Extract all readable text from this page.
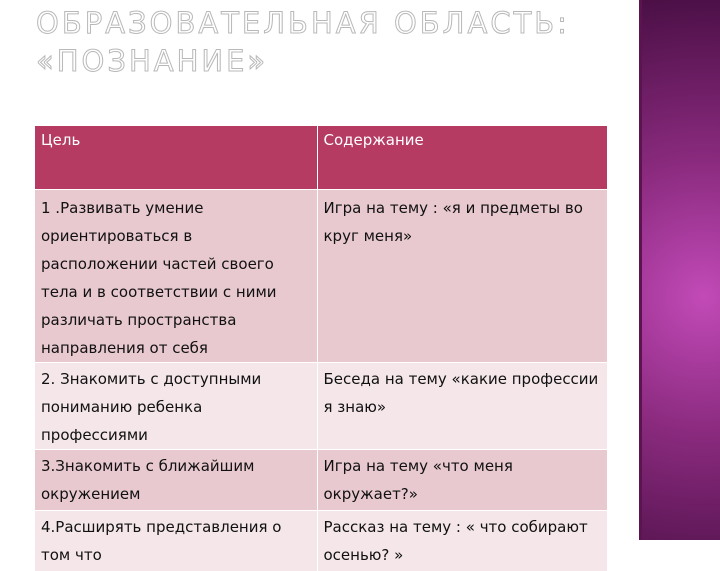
ОБРАЗОВАТЕЛЬНАЯ ОБЛАСТЬ:
«ПОЗНАНИЕ»
Цель	Содержание
1 .Развивать умение ориентироваться в расположении частей своего тела и в соответствии с ними различать пространства направления от себя	Игра на тему : «я и предметы во круг меня»
2. Знакомить с доступными пониманию ребенка профессиями	Беседа на тему «какие профессии я знаю»
3.Знакомить с ближайшим окружением	Игра на тему «что меня окружает?»
4.Расширять представления о том что	Рассказ на тему : « что собирают осенью? »
